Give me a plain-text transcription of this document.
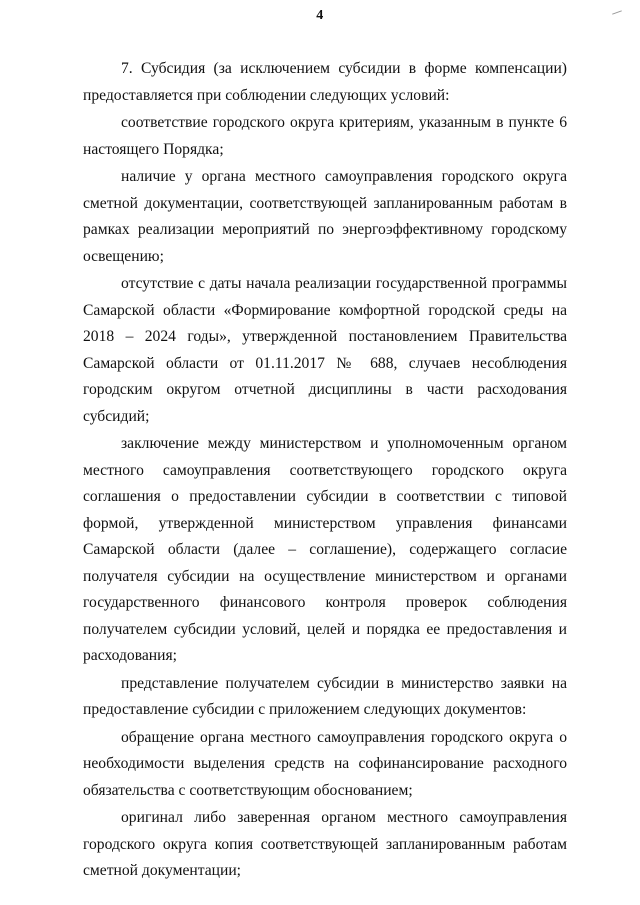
4

7. Субсидия (за исключением субсидии в форме компенсации) предоставляется при соблюдении следующих условий:

соответствие городского округа критериям, указанным в пункте 6 настоящего Порядка;

наличие у органа местного самоуправления городского округа сметной документации, соответствующей запланированным работам в рамках реализации мероприятий по энергоэффективному городскому освещению;

отсутствие с даты начала реализации государственной программы Самарской области «Формирование комфортной городской среды на 2018 – 2024 годы», утвержденной постановлением Правительства Самарской области от 01.11.2017 № 688, случаев несоблюдения городским округом отчетной дисциплины в части расходования субсидий;

заключение между министерством и уполномоченным органом местного самоуправления соответствующего городского округа соглашения о предоставлении субсидии в соответствии с типовой формой, утвержденной министерством управления финансами Самарской области (далее – соглашение), содержащего согласие получателя субсидии на осуществление министерством и органами государственного финансового контроля проверок соблюдения получателем субсидии условий, целей и порядка ее предоставления и расходования;

представление получателем субсидии в министерство заявки на предоставление субсидии с приложением следующих документов:

обращение органа местного самоуправления городского округа о необходимости выделения средств на софинансирование расходного обязательства с соответствующим обоснованием;

оригинал либо заверенная органом местного самоуправления городского округа копия соответствующей запланированным работам сметной документации;
